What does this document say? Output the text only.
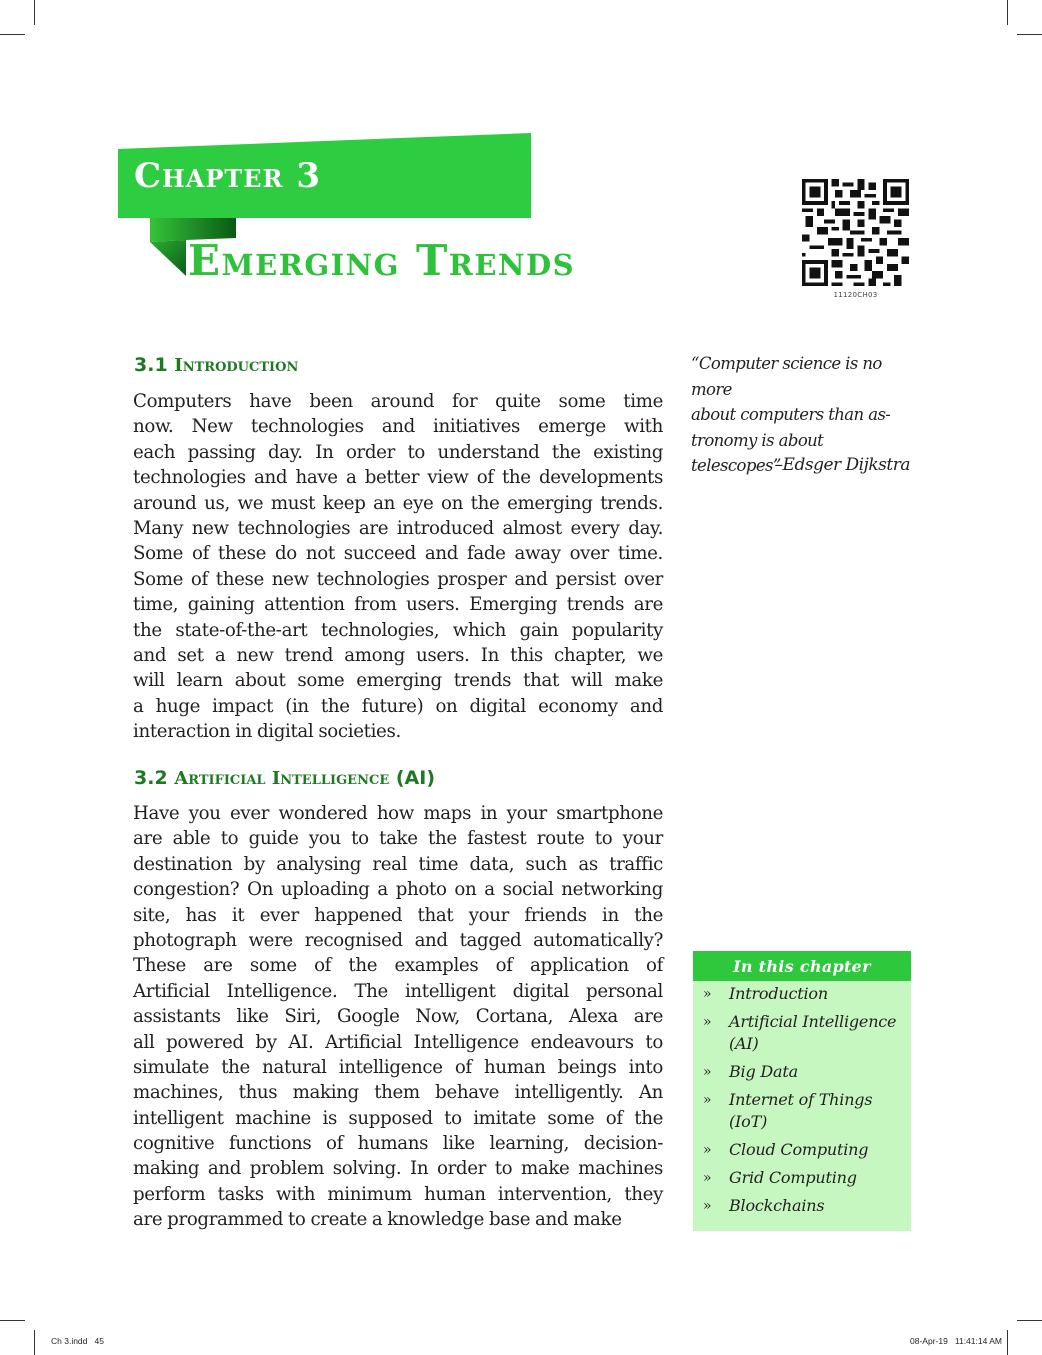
Chapter 3
Emerging Trends
11120CH03
“Computer science is no more
about computers than as-
tronomy is about telescopes”
–Edsger Dijkstra
3.1 Introduction
Computers have been around for quite some time
now. New technologies and initiatives emerge with
each passing day. In order to understand the existing
technologies and have a better view of the developments
around us, we must keep an eye on the emerging trends.
Many new technologies are introduced almost every day.
Some of these do not succeed and fade away over time.
Some of these new technologies prosper and persist over
time, gaining attention from users. Emerging trends are
the state-of-the-art technologies, which gain popularity
and set a new trend among users. In this chapter, we
will learn about some emerging trends that will make
a huge impact (in the future) on digital economy and
interaction in digital societies.
3.2 Artificial Intelligence (AI)
Have you ever wondered how maps in your smartphone
are able to guide you to take the fastest route to your
destination by analysing real time data, such as traffic
congestion? On uploading a photo on a social networking
site, has it ever happened that your friends in the
photograph were recognised and tagged automatically?
These are some of the examples of application of
Artificial Intelligence. The intelligent digital personal
assistants like Siri, Google Now, Cortana, Alexa are
all powered by AI. Artificial Intelligence endeavours to
simulate the natural intelligence of human beings into
machines, thus making them behave intelligently. An
intelligent machine is supposed to imitate some of the
cognitive functions of humans like learning, decision-
making and problem solving. In order to make machines
perform tasks with minimum human intervention, they
are programmed to create a knowledge base and make
In this chapter
» Introduction
» Artificial Intelligence
(AI)
» Big Data
» Internet of Things
(IoT)
» Cloud Computing
» Grid Computing
» Blockchains
Ch 3.indd   45	08-Apr-19   11:41:14 AM
